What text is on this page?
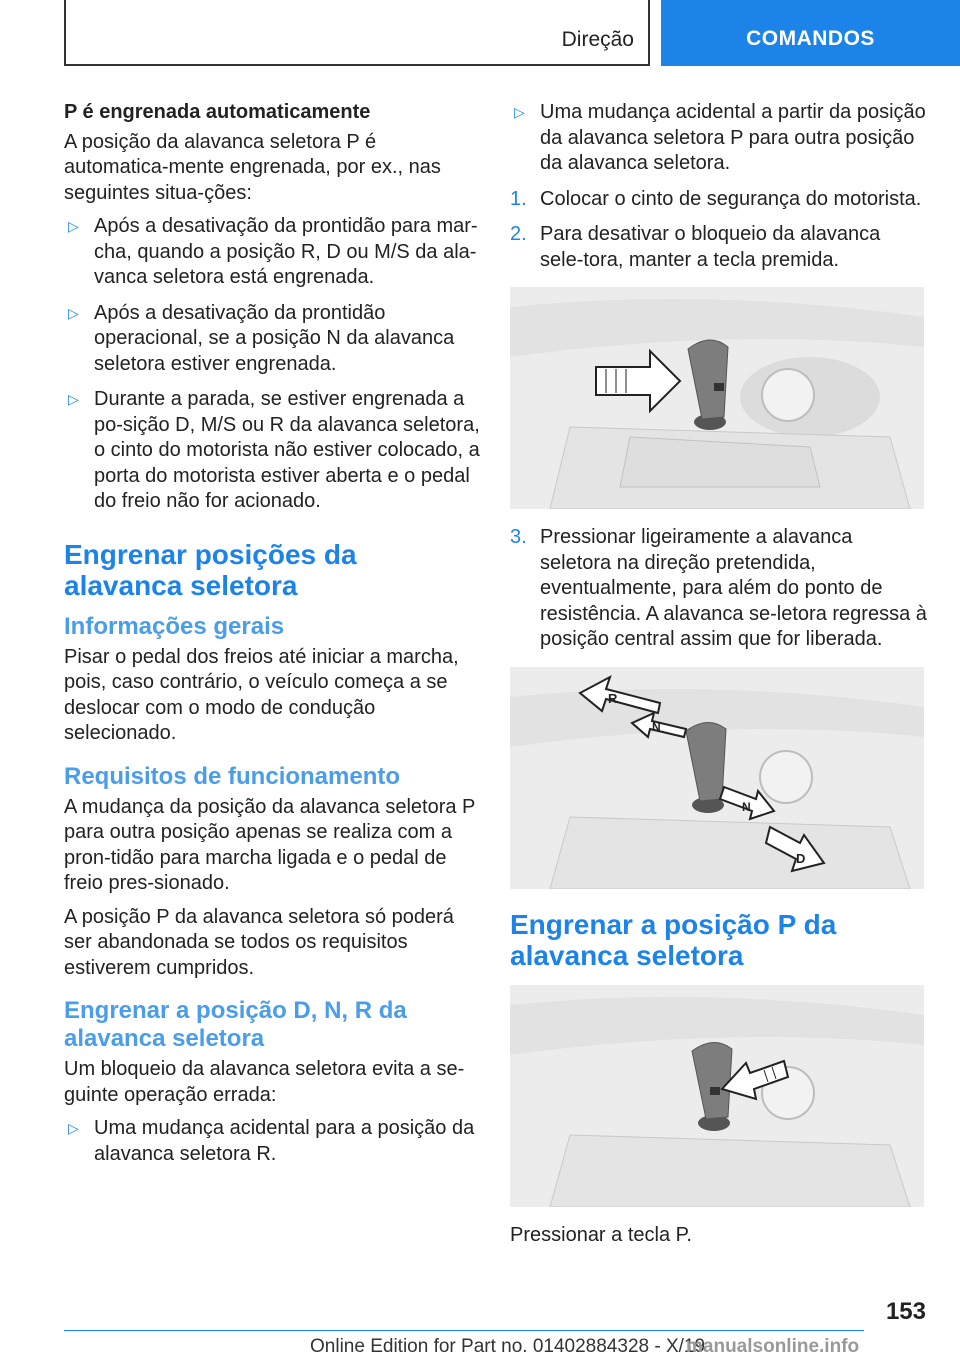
Direção	COMANDOS
P é engrenada automaticamente
A posição da alavanca seletora P é automatica-mente engrenada, por ex., nas seguintes situa-ções:
▷ Após a desativação da prontidão para mar-cha, quando a posição R, D ou M/S da ala-vanca seletora está engrenada.
▷ Após a desativação da prontidão operacional, se a posição N da alavanca seletora estiver engrenada.
▷ Durante a parada, se estiver engrenada a po-sição D, M/S ou R da alavanca seletora, o cinto do motorista não estiver colocado, a porta do motorista estiver aberta e o pedal do freio não for acionado.
Engrenar posições da alavanca seletora
Informações gerais
Pisar o pedal dos freios até iniciar a marcha, pois, caso contrário, o veículo começa a se deslocar com o modo de condução selecionado.
Requisitos de funcionamento
A mudança da posição da alavanca seletora P para outra posição apenas se realiza com a pron-tidão para marcha ligada e o pedal de freio pres-sionado.
A posição P da alavanca seletora só poderá ser abandonada se todos os requisitos estiverem cumpridos.
Engrenar a posição D, N, R da alavanca seletora
Um bloqueio da alavanca seletora evita a se-guinte operação errada:
▷ Uma mudança acidental para a posição da alavanca seletora R.
▷ Uma mudança acidental a partir da posição da alavanca seletora P para outra posição da alavanca seletora.
1. Colocar o cinto de segurança do motorista.
2. Para desativar o bloqueio da alavanca sele-tora, manter a tecla premida.
3. Pressionar ligeiramente a alavanca seletora na direção pretendida, eventualmente, para além do ponto de resistência. A alavanca se-letora regressa à posição central assim que for liberada.
R
N
N
D
Engrenar a posição P da alavanca seletora
Pressionar a tecla P.
153
Online Edition for Part no. 01402884328 - X/19
manualsonline.info
